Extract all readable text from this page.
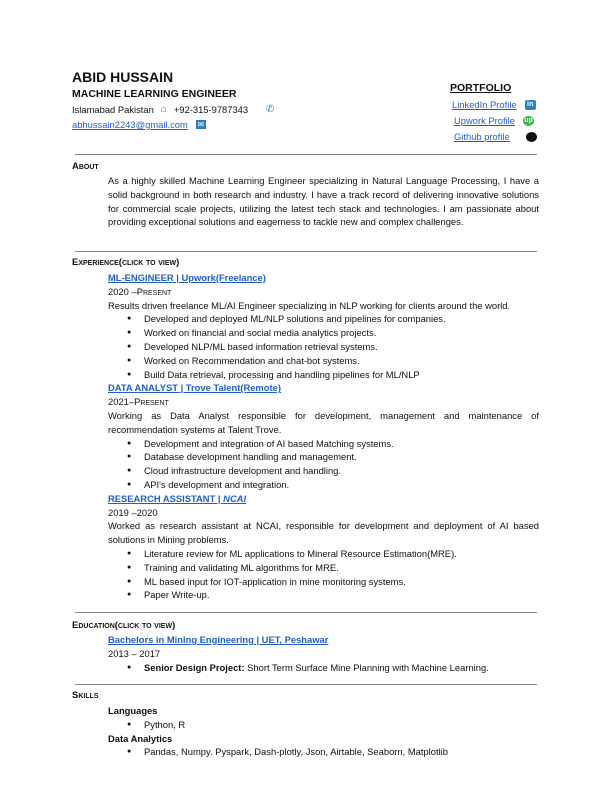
ABID HUSSAIN
MACHINE LEARNING ENGINEER
Islamabad Pakistan ⌂ +92-315-9787343 ✆
abhussain2243@gmail.com ✉
PORTFOLIO
LinkedIn Profile	in
Upwork Profile up
Github profile
About
As a highly skilled Machine Learning Engineer specializing in Natural Language Processing, I have a solid background in both research and industry. I have a track record of delivering innovative solutions for commercial scale projects, utilizing the latest tech stack and technologies. I am passionate about providing exceptional solutions and eagerness to tackle new and complex challenges.
Experience(click to view)
ML-ENGINEER | Upwork(Freelance)
2020 –Present
Results driven freelance ML/AI Engineer specializing in NLP working for clients around the world.
● Developed and deployed ML/NLP solutions and pipelines for companies.
● Worked on financial and social media analytics projects.
● Developed NLP/ML based information retrieval systems.
● Worked on Recommendation and chat-bot systems.
● Build Data retrieval, processing and handling pipelines for ML/NLP
DATA ANALYST | Trove Talent(Remote)
2021–Present
Working as Data Analyst responsible for development, management and maintenance of recommendation systems at Talent Trove.
● Development and integration of AI based Matching systems.
● Database development handling and management.
● Cloud infrastructure development and handling.
● API's development and integration.
RESEARCH ASSISTANT | NCAI
2019 –2020
Worked as research assistant at NCAI, responsible for development and deployment of AI based solutions in Mining problems.
● Literature review for ML applications to Mineral Resource Estimation(MRE).
● Training and validating ML algorithms for MRE.
● ML based input for IOT-application in mine monitoring systems.
● Paper Write-up.
Education(click to view)
Bachelors in Mining Engineering | UET, Peshawar
2013 – 2017
● Senior Design Project: Short Term Surface Mine Planning with Machine Learning.
Skills
Languages
● Python, R
Data Analytics
● Pandas, Numpy. Pyspark, Dash-plotly, Json, Airtable, Seaborn, Matplotlib
